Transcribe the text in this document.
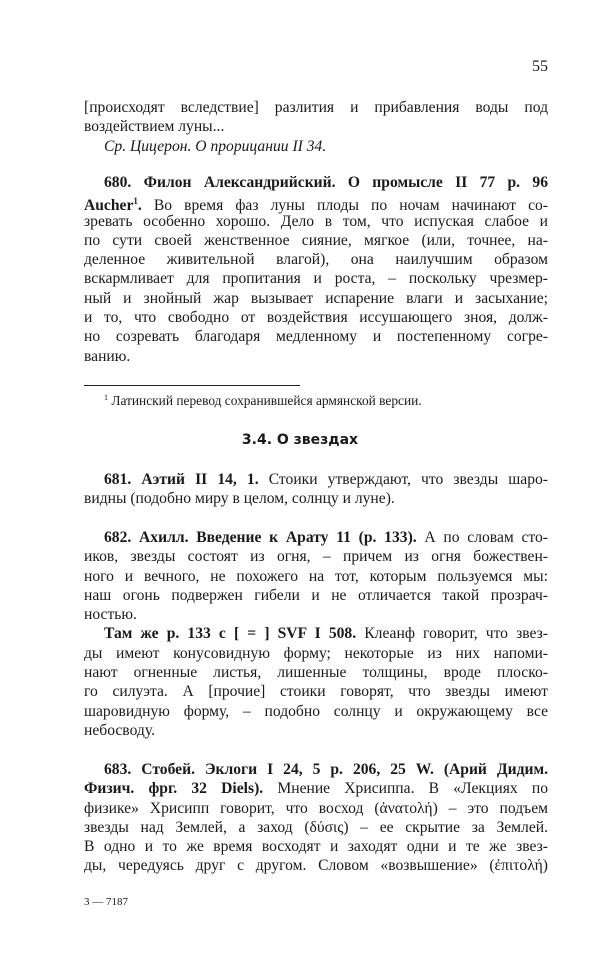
55
[происходят вследствие] разлития и прибавления воды под
воздействием луны...
Ср. Цицерон. О прорицании II 34.
680. Филон Александрийский. О промысле II 77 p. 96
Aucher$^1$. Во время фаз луны плоды по ночам начинают со-
зревать особенно хорошо. Дело в том, что испуская слабое и
по сути своей женственное сияние, мягкое (или, точнее, на-
деленное живительной влагой), она наилучшим образом
вскармливает для пропитания и роста, – поскольку чрезмер-
ный и знойный жар вызывает испарение влаги и засыхание;
и то, что свободно от воздействия иссушающего зноя, долж-
но созревать благодаря медленному и постепенному согре-
ванию.
$^1$ Латинский перевод сохранившейся армянской версии.
3.4. О звездах
681. Аэтий II 14, 1. Стоики утверждают, что звезды шаро-
видны (подобно миру в целом, солнцу и луне).
682. Ахилл. Введение к Арату 11 (р. 133). А по словам сто-
иков, звезды состоят из огня, – причем из огня божествен-
ного и вечного, не похожего на тот, которым пользуемся мы:
наш огонь подвержен гибели и не отличается такой прозрач-
ностью.
Там же р. 133 с [ = ] SVF I 508. Клеанф говорит, что звез-
ды имеют конусовидную форму; некоторые из них напоми-
нают огненные листья, лишенные толщины, вроде плоско-
го силуэта. А [прочие] стоики говорят, что звезды имеют
шаровидную форму, – подобно солнцу и окружающему все
небосводу.
683. Стобей. Эклоги I 24, 5 р. 206, 25 W. (Арий Дидим.
Физич. фрг. 32 Diels). Мнение Хрисиппа. В «Лекциях по
физике» Хрисипп говорит, что восход (ἀνατολή) – это подъем
звезды над Землей, а заход (δύσις) – ее скрытие за Землей.
В одно и то же время восходят и заходят одни и те же звез-
ды, чередуясь друг с другом. Словом «возвышение» (ἐπιτολή)
3 — 7187
